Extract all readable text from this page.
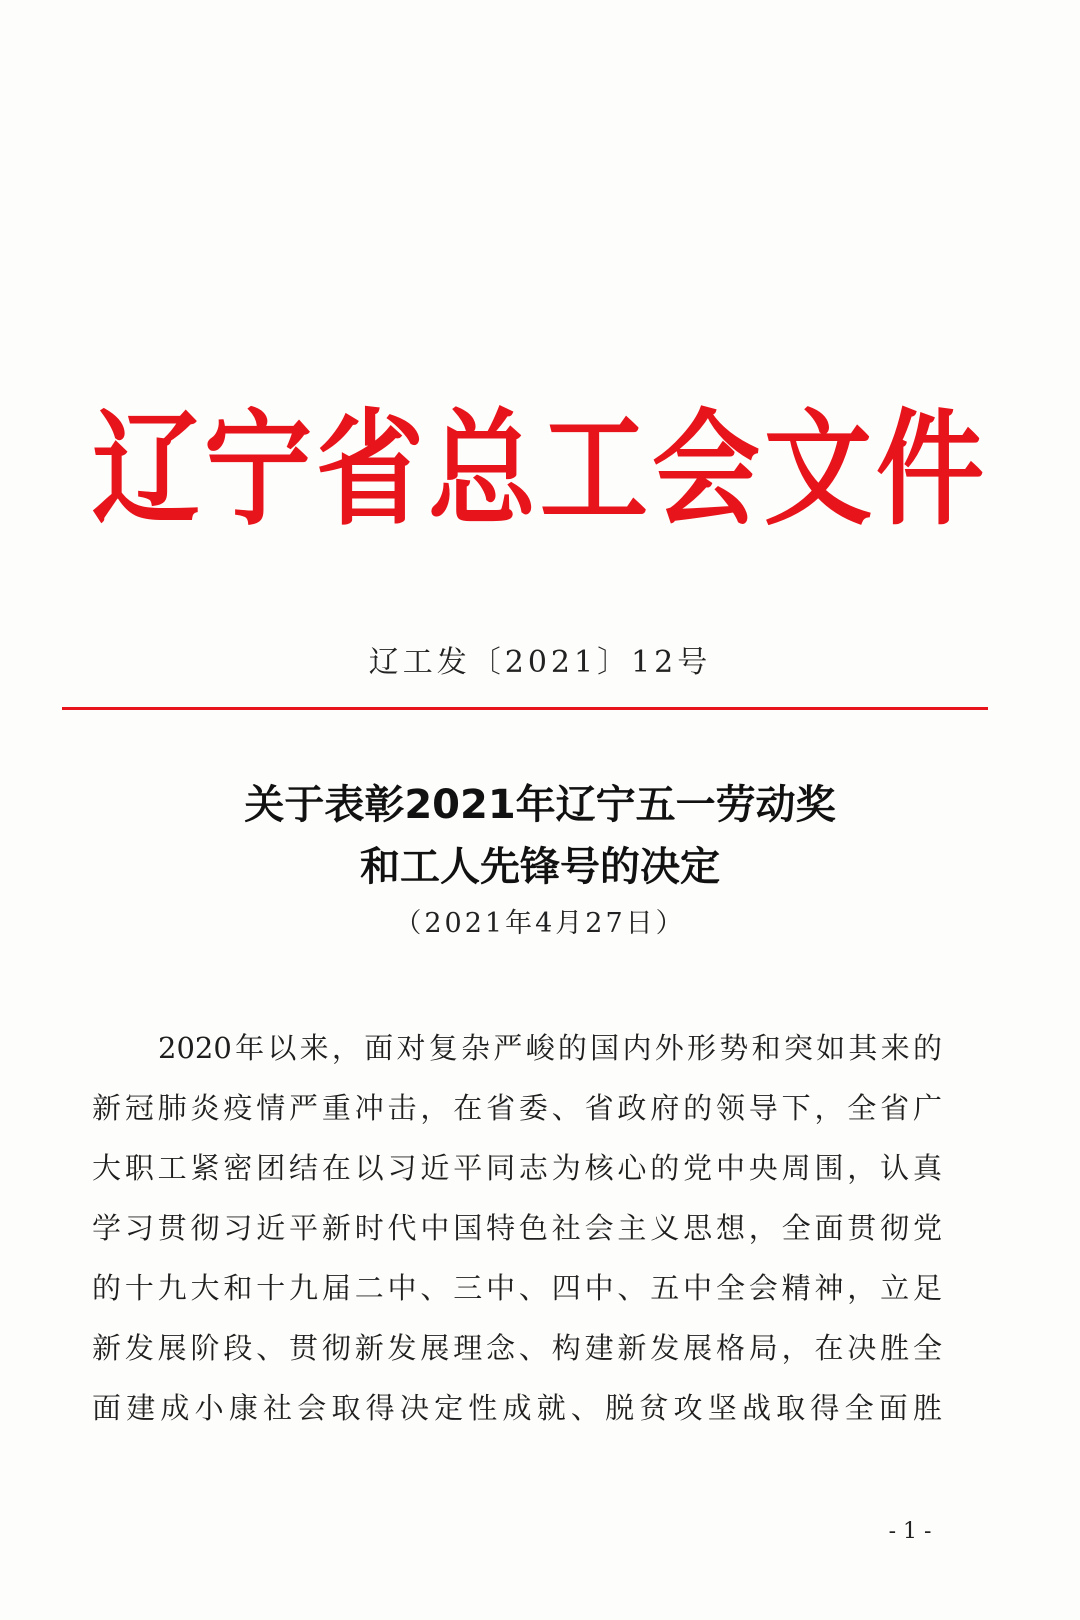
辽宁省总工会文件
辽工发〔2021〕12号
关于表彰2021年辽宁五一劳动奖
和工人先锋号的决定
（2021年4月27日）
2020年以来，面对复杂严峻的国内外形势和突如其来的
新冠肺炎疫情严重冲击，在省委、省政府的领导下，全省广
大职工紧密团结在以习近平同志为核心的党中央周围，认真
学习贯彻习近平新时代中国特色社会主义思想，全面贯彻党
的十九大和十九届二中、三中、四中、五中全会精神，立足
新发展阶段、贯彻新发展理念、构建新发展格局，在决胜全
面建成小康社会取得决定性成就、脱贫攻坚战取得全面胜
- 1 -
